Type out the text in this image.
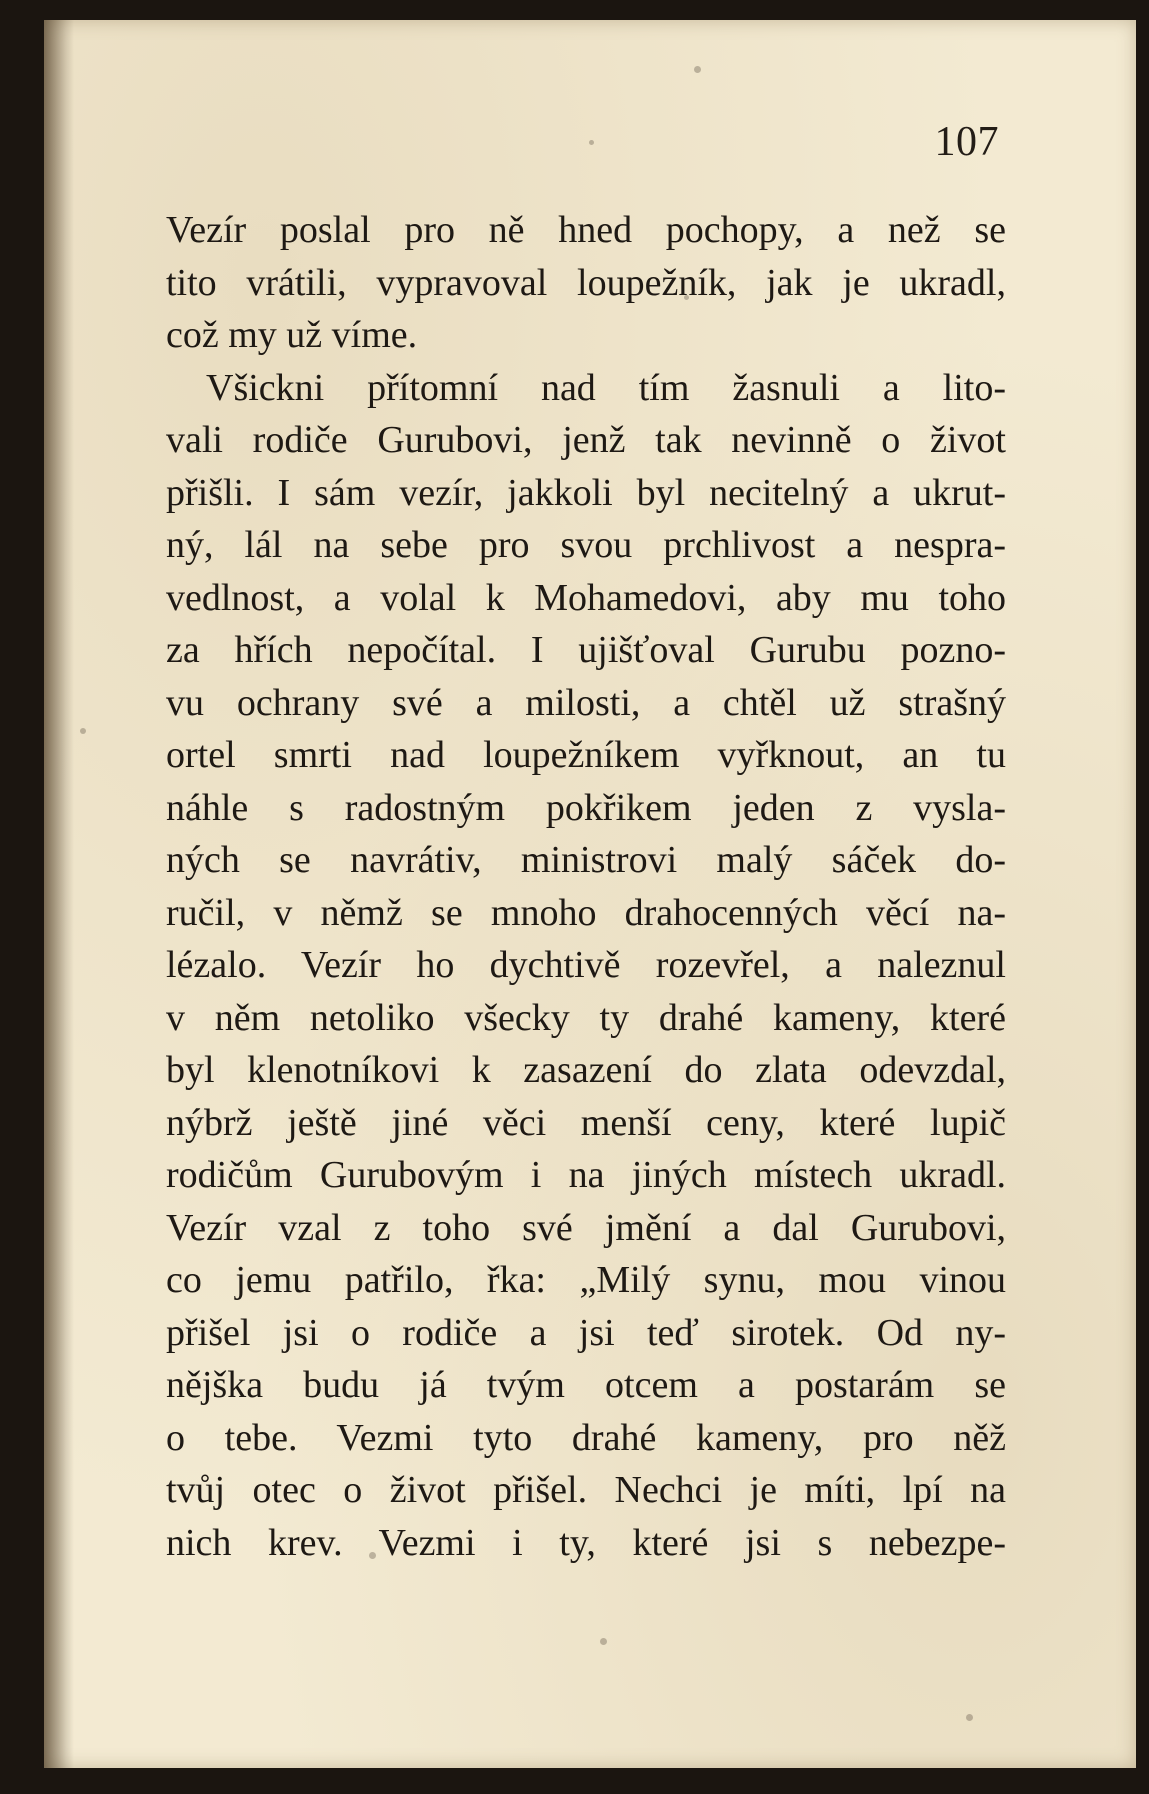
107
Vezír poslal pro ně hned pochopy, a než se
tito vrátili, vypravoval loupežník, jak je ukradl,
což my už víme.
Všickni přítomní nad tím žasnuli a lito-
vali rodiče Gurubovi, jenž tak nevinně o život
přišli. I sám vezír, jakkoli byl necitelný a ukrut-
ný, lál na sebe pro svou prchlivost a nespra-
vedlnost, a volal k Mohamedovi, aby mu toho
za hřích nepočítal. I ujišťoval Gurubu pozno-
vu ochrany své a milosti, a chtěl už strašný
ortel smrti nad loupežníkem vyřknout, an tu
náhle s radostným pokřikem jeden z vysla-
ných se navrátiv, ministrovi malý sáček do-
ručil, v němž se mnoho drahocenných věcí na-
lézalo. Vezír ho dychtivě rozevřel, a naleznul
v něm netoliko všecky ty drahé kameny, které
byl klenotníkovi k zasazení do zlata odevzdal,
nýbrž ještě jiné věci menší ceny, které lupič
rodičům Gurubovým i na jiných místech ukradl.
Vezír vzal z toho své jmění a dal Gurubovi,
co jemu patřilo, řka: „Milý synu, mou vinou
přišel jsi o rodiče a jsi teď sirotek. Od ny-
nějška budu já tvým otcem a postarám se
o tebe. Vezmi tyto drahé kameny, pro něž
tvůj otec o život přišel. Nechci je míti, lpí na
nich krev. Vezmi i ty, které jsi s nebezpe-
